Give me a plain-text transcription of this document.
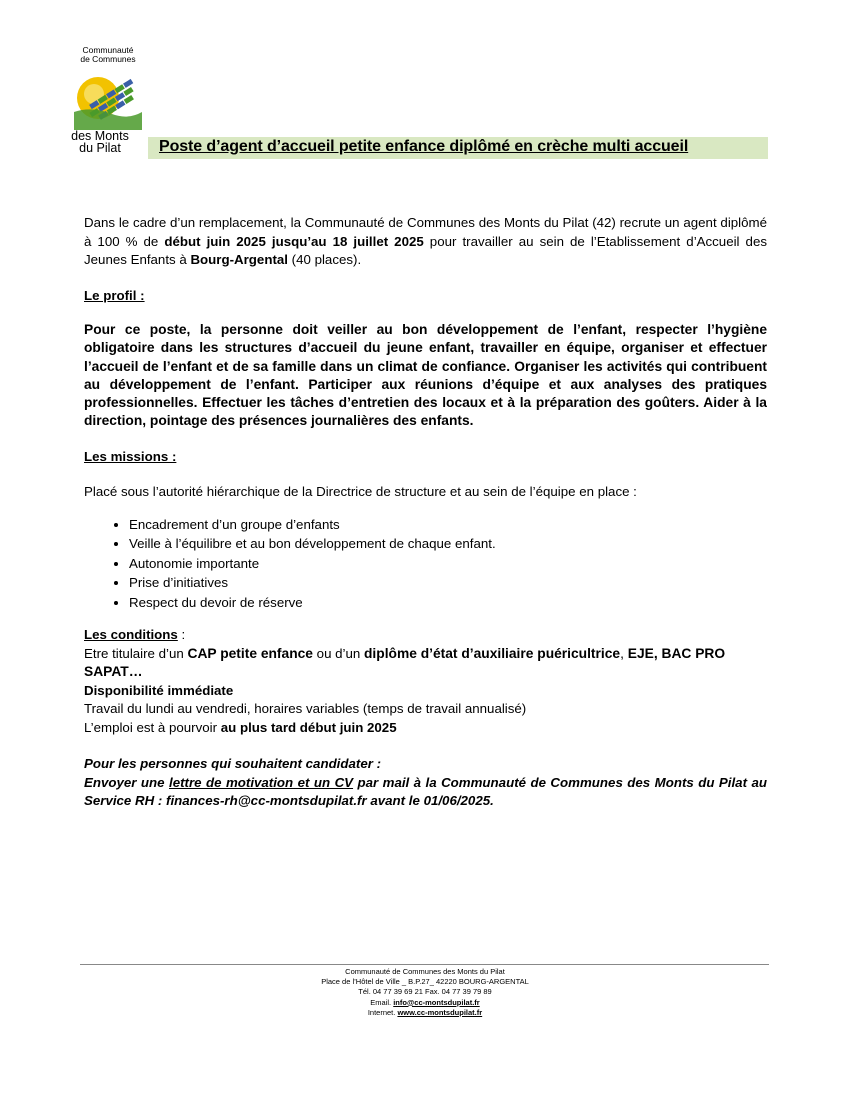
Communauté
de Communes
des Monts
du Pilat	Poste d’agent d’accueil petite enfance diplômé en crèche multi accueil

Dans le cadre d’un remplacement, la Communauté de Communes des Monts du Pilat (42) recrute un agent diplômé à 100 % de début juin 2025 jusqu’au 18 juillet 2025 pour travailler au sein de l’Etablissement d’Accueil des Jeunes Enfants à Bourg-Argental (40 places).

Le profil :

Pour ce poste, la personne doit veiller au bon développement de l’enfant, respecter l’hygiène obligatoire dans les structures d’accueil du jeune enfant, travailler en équipe, organiser et effectuer l’accueil de l’enfant et de sa famille dans un climat de confiance. Organiser les activités qui contribuent au développement de l’enfant. Participer aux réunions d’équipe et aux analyses des pratiques professionnelles. Effectuer les tâches d’entretien des locaux et à la préparation des goûters. Aider à la direction, pointage des présences journalières des enfants.

Les missions :

Placé sous l’autorité hiérarchique de la Directrice de structure et au sein de l’équipe en place :

• Encadrement d’un groupe d’enfants
• Veille à l’équilibre et au bon développement de chaque enfant.
• Autonomie importante
• Prise d’initiatives
• Respect du devoir de réserve

Les conditions :

Etre titulaire d’un CAP petite enfance ou d’un diplôme d’état d’auxiliaire puéricultrice, EJE, BAC PRO SAPAT…

Disponibilité immédiate

Travail du lundi au vendredi, horaires variables (temps de travail annualisé)

L’emploi est à pourvoir au plus tard début juin 2025

Pour les personnes qui souhaitent candidater :

Envoyer une lettre de motivation et un CV par mail à la Communauté de Communes des Monts du Pilat au Service RH : finances-rh@cc-montsdupilat.fr avant le 01/06/2025.

Communauté de Communes des Monts du Pilat
Place de l’Hôtel de Ville _ B.P.27_ 42220 BOURG-ARGENTAL
Tél. 04 77 39 69 21 Fax. 04 77 39 79 89
Email. info@cc-montsdupilat.fr
Internet. www.cc-montsdupilat.fr
